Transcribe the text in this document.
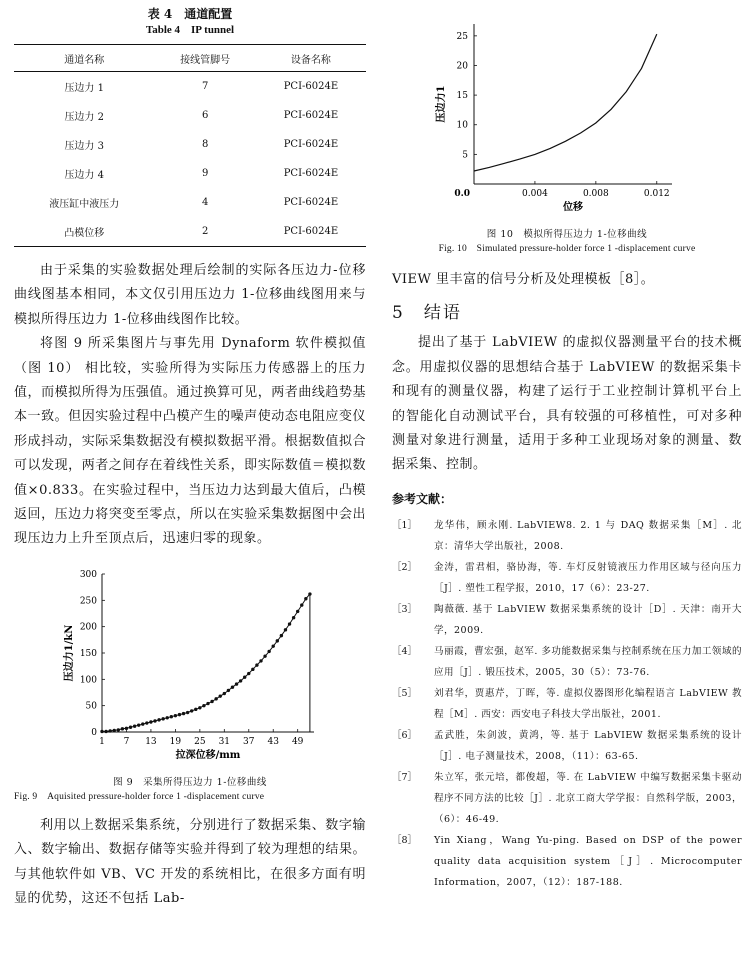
表 4　通道配置

Table 4　IP tunnel

通道名称	接线管脚号	设备名称
压边力 1	7	PCI-6024E
压边力 2	6	PCI-6024E
压边力 3	8	PCI-6024E
压边力 4	9	PCI-6024E
液压缸中液压力	4	PCI-6024E
凸模位移	2	PCI-6024E

由于采集的实验数据处理后绘制的实际各压边力-位移曲线图基本相同，本文仅引用压边力 1-位移曲线图用来与模拟所得压边力 1-位移曲线图作比较。

将图 9 所采集图片与事先用 Dynaform 软件模拟值 （图 10） 相比较，实验所得为实际压力传感器上的压力值，而模拟所得为压强值。通过换算可见，两者曲线趋势基本一致。但因实验过程中凸模产生的噪声使动态电阻应变仪形成抖动，实际采集数据没有模拟数据平滑。根据数值拟合可以发现，两者之间存在着线性关系，即实际数值＝模拟数值×0.833。在实验过程中，当压边力达到最大值后，凸模返回，压边力将突变至零点，所以在实验采集数据图中会出现压边力上升至顶点后，迅速归零的现象。

0
50
100
150
200
250
300
1 7 13 19 25 31 37 43 49
拉深位移/mm
压边力1/kN

图 9　采集所得压边力 1-位移曲线

Fig. 9　Aquisited pressure-holder force 1 -displacement curve

利用以上数据采集系统，分别进行了数据采集、数字输入、数字输出、数据存储等实验并得到了较为理想的结果。与其他软件如 VB、VC 开发的系统相比，在很多方面有明显的优势，这还不包括 Lab-

5
10
15
20
25
0.0	0.004	0.008	0.012
位移
压边力1

图 10　模拟所得压边力 1-位移曲线

Fig. 10　Simulated pressure-holder force 1 -displacement curve

VIEW 里丰富的信号分析及处理模板［8］。

5　结语

提出了基于 LabVIEW 的虚拟仪器测量平台的技术概念。用虚拟仪器的思想结合基于 LabVIEW 的数据采集卡和现有的测量仪器，构建了运行于工业控制计算机平台上的智能化自动测试平台，具有较强的可移植性，可对多种测量对象进行测量，适用于多种工业现场对象的测量、数据采集、控制。

参考文献：
［1］	龙华伟，顾永刚. LabVIEW8. 2. 1 与 DAQ 数据采集［M］. 北京：清华大学出版社，2008.
［2］	金涛，雷君相，骆协海，等. 车灯反射镜液压力作用区域与径向压力［J］. 塑性工程学报，2010，17（6）：23-27.
［3］	陶薇薇. 基于 LabVIEW 数据采集系统的设计［D］. 天津：南开大学，2009.
［4］	马丽霞，曹宏强，赵军. 多功能数据采集与控制系统在压力加工领域的应用［J］. 锻压技术，2005，30（5）：73-76.
［5］	刘君华，贾惠芹，丁晖，等. 虚拟仪器图形化编程语言 LabVIEW 教程［M］. 西安：西安电子科技大学出版社，2001.
［6］	孟武胜，朱剑波，黄鸿，等. 基于 LabVIEW 数据采集系统的设计［J］. 电子测量技术，2008，（11）：63-65.
［7］	朱立军，张元培，都俊超，等. 在 LabVIEW 中编写数据采集卡驱动程序不同方法的比较［J］. 北京工商大学学报：自然科学版，2003，（6）：46-49.
［8］	Yin Xiang，Wang Yu-ping. Based on DSP of the power quality data acquisition system［J］. Microcomputer Information，2007，（12）：187-188.
